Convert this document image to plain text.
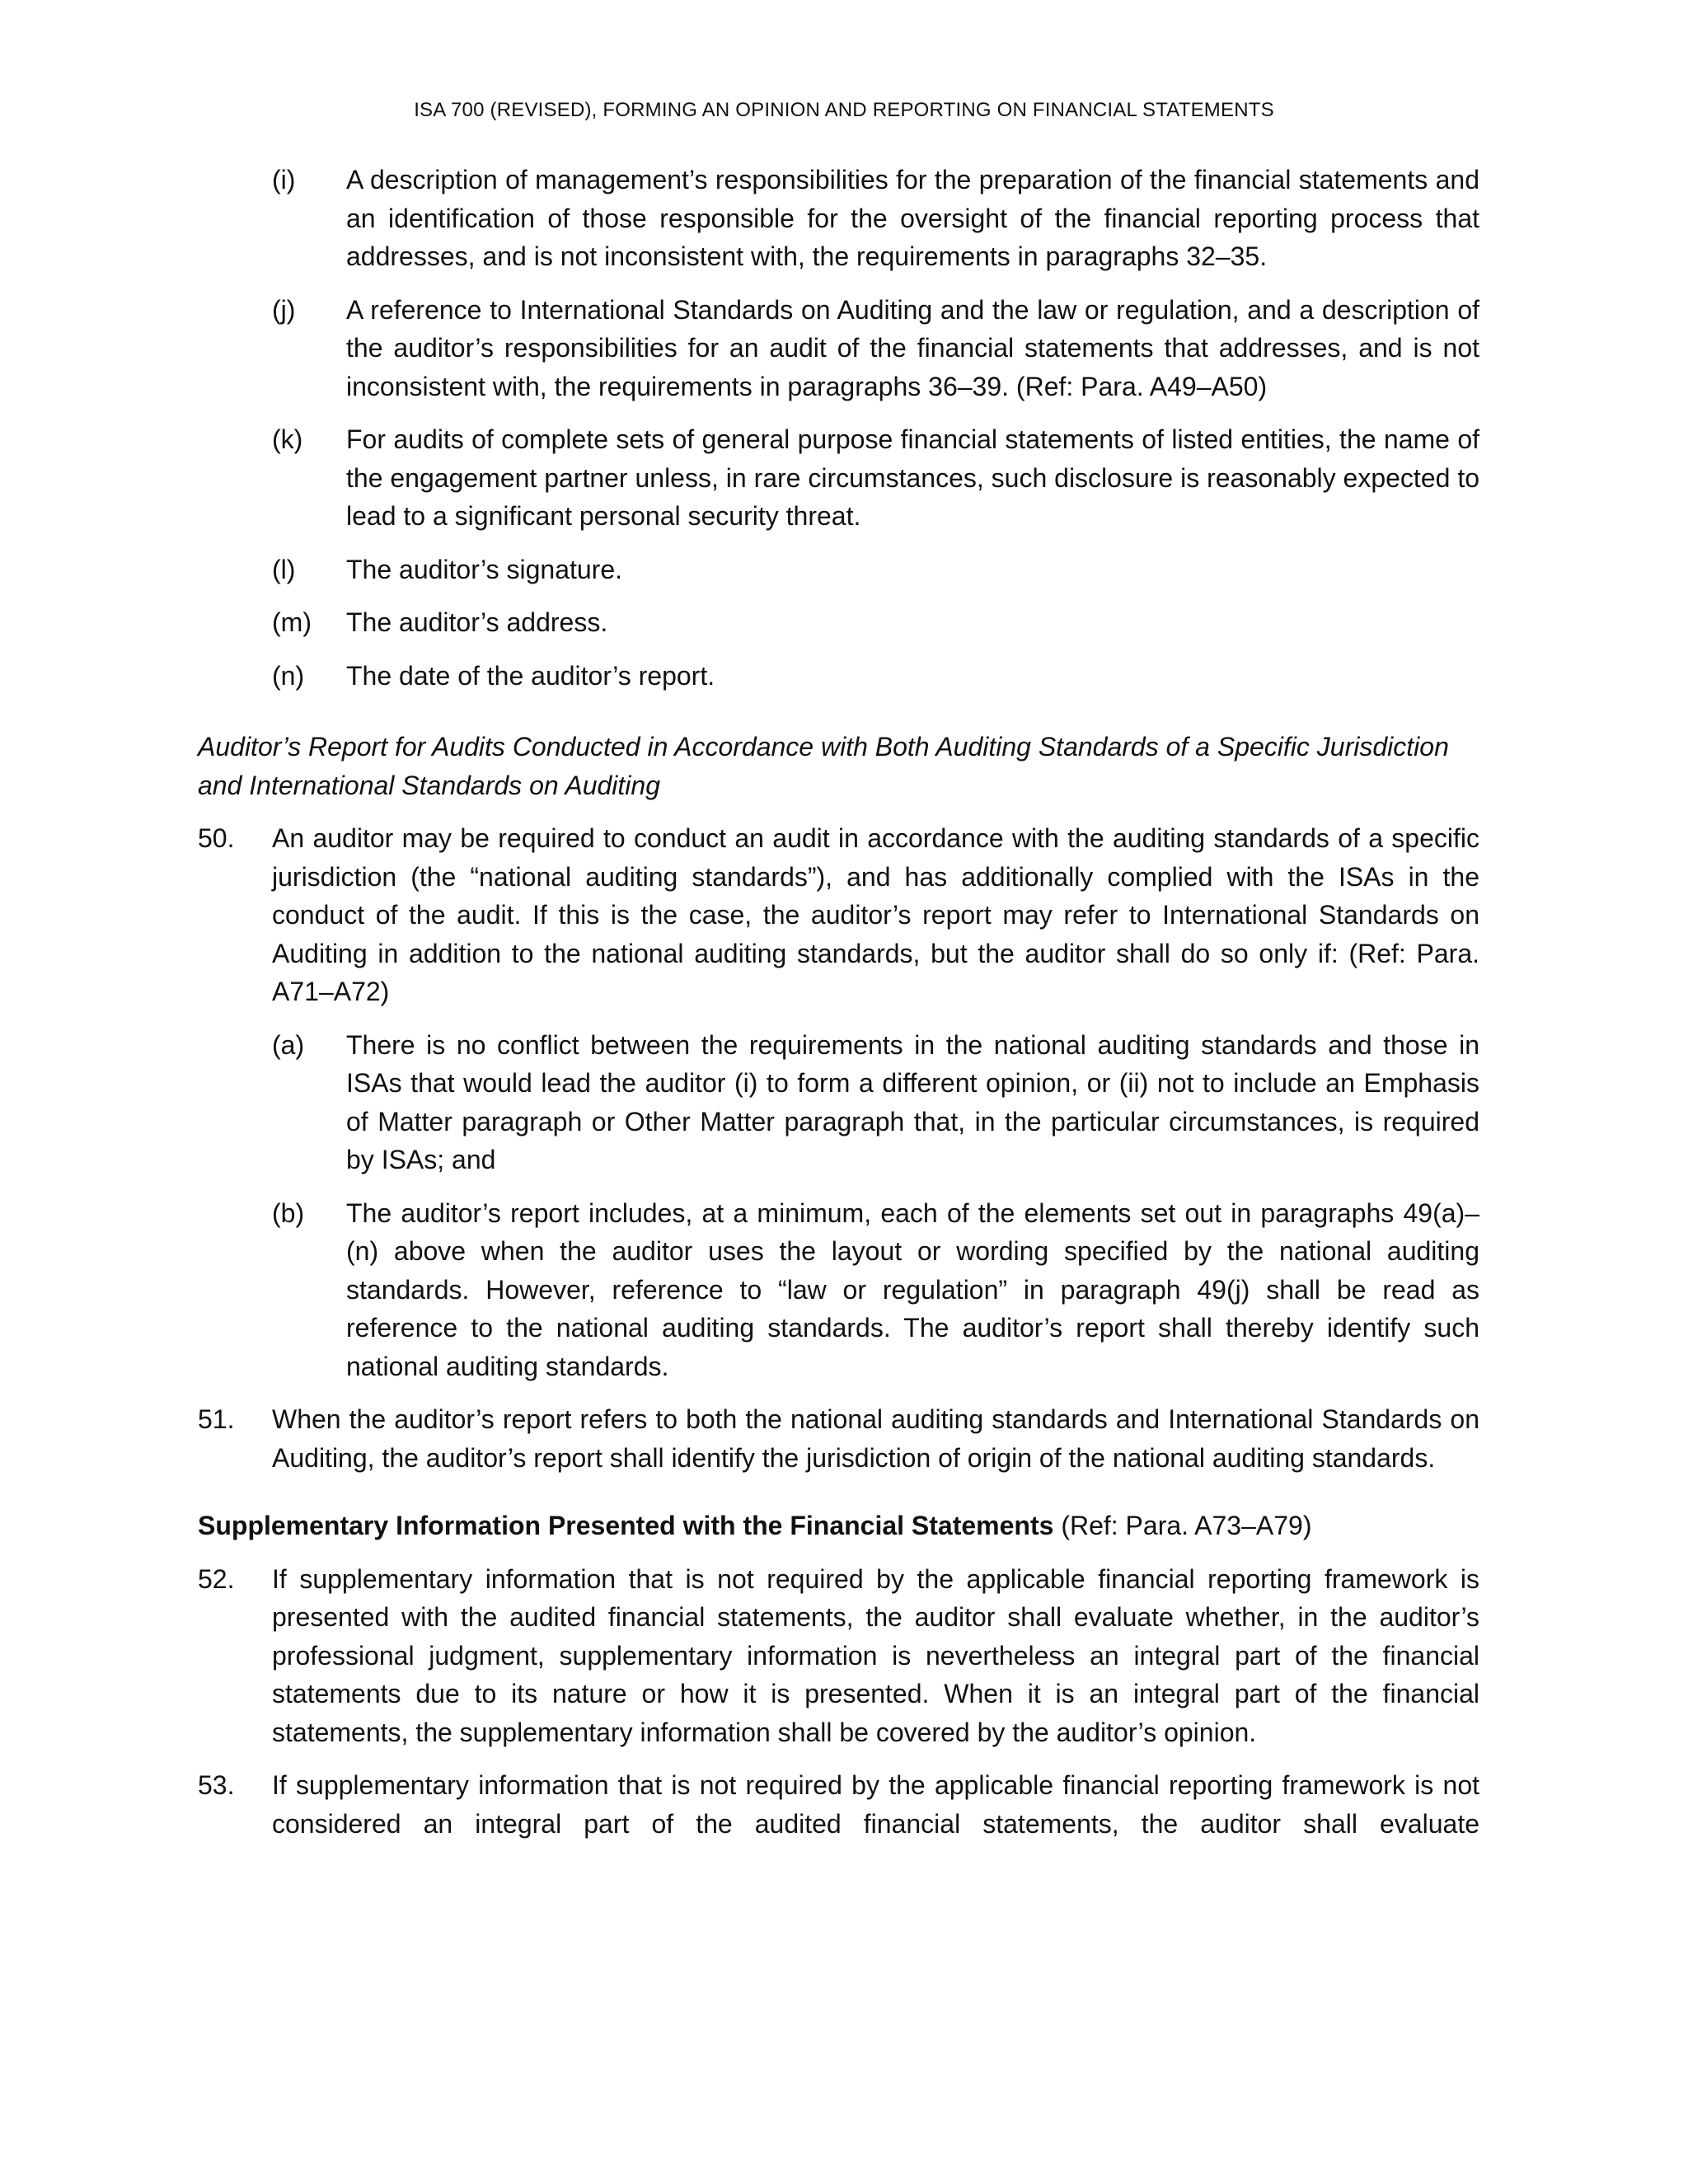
ISA 700 (REVISED), FORMING AN OPINION AND REPORTING ON FINANCIAL STATEMENTS
(i)	A description of management’s responsibilities for the preparation of the financial statements and an identification of those responsible for the oversight of the financial reporting process that addresses, and is not inconsistent with, the requirements in paragraphs 32–35.
(j)	A reference to International Standards on Auditing and the law or regulation, and a description of the auditor’s responsibilities for an audit of the financial statements that addresses, and is not inconsistent with, the requirements in paragraphs 36–39. (Ref: Para. A49–A50)
(k)	For audits of complete sets of general purpose financial statements of listed entities, the name of the engagement partner unless, in rare circumstances, such disclosure is reasonably expected to lead to a significant personal security threat.
(l)	The auditor’s signature.
(m)	The auditor’s address.
(n)	The date of the auditor’s report.
Auditor’s Report for Audits Conducted in Accordance with Both Auditing Standards of a Specific Jurisdiction and International Standards on Auditing
50.	An auditor may be required to conduct an audit in accordance with the auditing standards of a specific jurisdiction (the “national auditing standards”), and has additionally complied with the ISAs in the conduct of the audit. If this is the case, the auditor’s report may refer to International Standards on Auditing in addition to the national auditing standards, but the auditor shall do so only if: (Ref: Para. A71–A72)
(a)	There is no conflict between the requirements in the national auditing standards and those in ISAs that would lead the auditor (i) to form a different opinion, or (ii) not to include an Emphasis of Matter paragraph or Other Matter paragraph that, in the particular circumstances, is required by ISAs; and
(b)	The auditor’s report includes, at a minimum, each of the elements set out in paragraphs 49(a)–(n) above when the auditor uses the layout or wording specified by the national auditing standards. However, reference to “law or regulation” in paragraph 49(j) shall be read as reference to the national auditing standards. The auditor’s report shall thereby identify such national auditing standards.
51.	When the auditor’s report refers to both the national auditing standards and International Standards on Auditing, the auditor’s report shall identify the jurisdiction of origin of the national auditing standards.
Supplementary Information Presented with the Financial Statements (Ref: Para. A73–A79)
52.	If supplementary information that is not required by the applicable financial reporting framework is presented with the audited financial statements, the auditor shall evaluate whether, in the auditor’s professional judgment, supplementary information is nevertheless an integral part of the financial statements due to its nature or how it is presented. When it is an integral part of the financial statements, the supplementary information shall be covered by the auditor’s opinion.
53.	If supplementary information that is not required by the applicable financial reporting framework is not considered an integral part of the audited financial statements, the auditor shall evaluate
